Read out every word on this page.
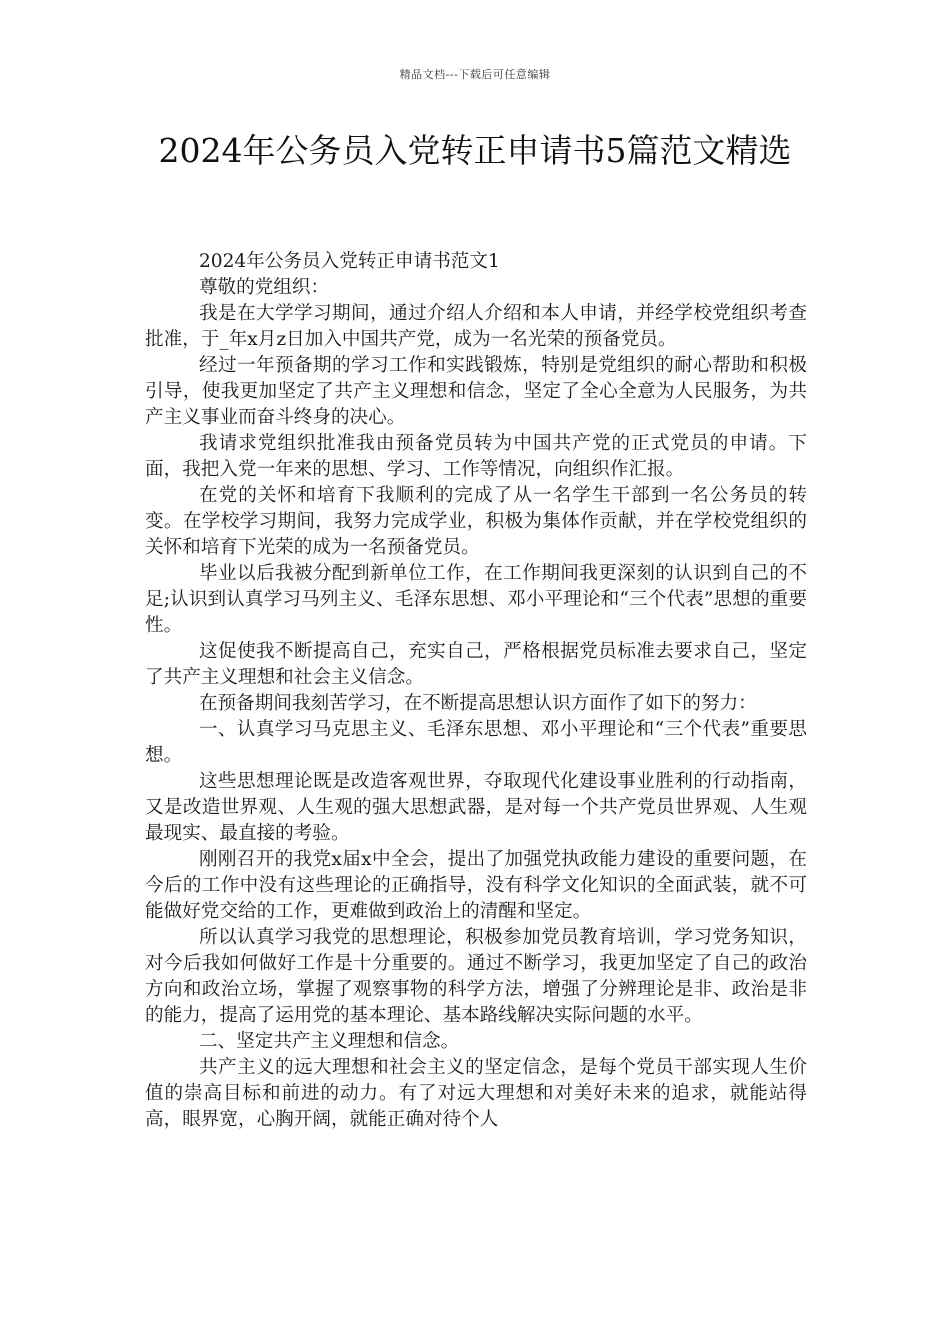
精品文档---下载后可任意编辑
2024年公务员入党转正申请书5篇范文精选

2024年公务员入党转正申请书范文1

尊敬的党组织：

我是在大学学习期间，通过介绍人介绍和本人申请，并经学校党组织考查批准，于_年x月z日加入中国共产党，成为一名光荣的预备党员。

经过一年预备期的学习工作和实践锻炼，特别是党组织的耐心帮助和积极引导，使我更加坚定了共产主义理想和信念，坚定了全心全意为人民服务，为共产主义事业而奋斗终身的决心。

我请求党组织批准我由预备党员转为中国共产党的正式党员的申请。下面，我把入党一年来的思想、学习、工作等情况，向组织作汇报。

在党的关怀和培育下我顺利的完成了从一名学生干部到一名公务员的转变。在学校学习期间，我努力完成学业，积极为集体作贡献，并在学校党组织的关怀和培育下光荣的成为一名预备党员。

毕业以后我被分配到新单位工作，在工作期间我更深刻的认识到自己的不足;认识到认真学习马列主义、毛泽东思想、邓小平理论和“三个代表”思想的重要性。

这促使我不断提高自己，充实自己，严格根据党员标准去要求自己，坚定了共产主义理想和社会主义信念。

在预备期间我刻苦学习，在不断提高思想认识方面作了如下的努力：

一、认真学习马克思主义、毛泽东思想、邓小平理论和“三个代表”重要思想。

这些思想理论既是改造客观世界，夺取现代化建设事业胜利的行动指南，又是改造世界观、人生观的强大思想武器，是对每一个共产党员世界观、人生观最现实、最直接的考验。

刚刚召开的我党x届x中全会，提出了加强党执政能力建设的重要问题，在今后的工作中没有这些理论的正确指导，没有科学文化知识的全面武装，就不可能做好党交给的工作，更难做到政治上的清醒和坚定。

所以认真学习我党的思想理论，积极参加党员教育培训，学习党务知识，对今后我如何做好工作是十分重要的。通过不断学习，我更加坚定了自己的政治方向和政治立场，掌握了观察事物的科学方法，增强了分辨理论是非、政治是非的能力，提高了运用党的基本理论、基本路线解决实际问题的水平。

二、坚定共产主义理想和信念。

共产主义的远大理想和社会主义的坚定信念，是每个党员干部实现人生价值的崇高目标和前进的动力。有了对远大理想和对美好未来的追求，就能站得高，眼界宽，心胸开阔，就能正确对待个人
